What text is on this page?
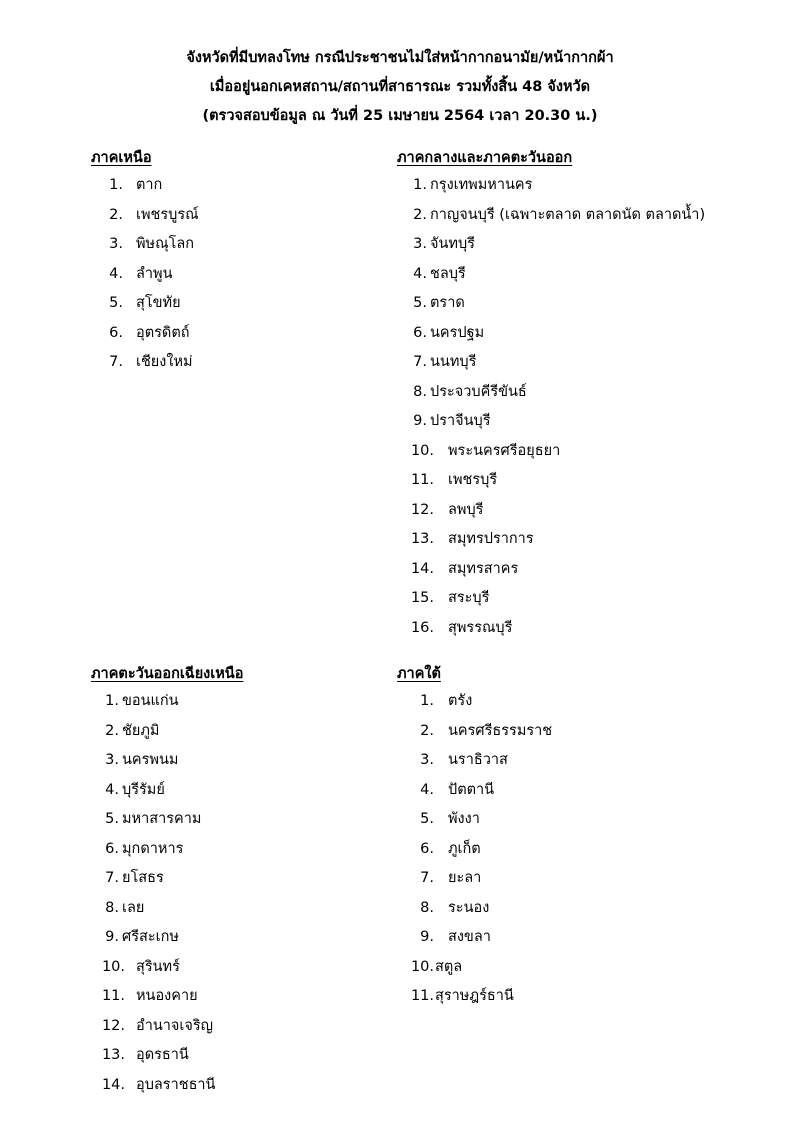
จังหวัดที่มีบทลงโทษ กรณีประชาชนไม่ใส่หน้ากากอนามัย/หน้ากากผ้า
เมื่ออยู่นอกเคหสถาน/สถานที่สาธารณะ รวมทั้งสิ้น 48 จังหวัด
(ตรวจสอบข้อมูล ณ วันที่ 25 เมษายน 2564 เวลา 20.30 น.)
ภาคเหนือ
1. ตาก
2. เพชรบูรณ์
3. พิษณุโลก
4. ลำพูน
5. สุโขทัย
6. อุตรดิตถ์
7. เชียงใหม่
ภาคกลางและภาคตะวันออก
1. กรุงเทพมหานคร
2. กาญจนบุรี (เฉพาะตลาด ตลาดนัด ตลาดน้ำ)
3. จันทบุรี
4. ชลบุรี
5. ตราด
6. นครปฐม
7. นนทบุรี
8. ประจวบคีรีขันธ์
9. ปราจีนบุรี
10. พระนครศรีอยุธยา
11. เพชรบุรี
12. ลพบุรี
13. สมุทรปราการ
14. สมุทรสาคร
15. สระบุรี
16. สุพรรณบุรี
ภาคตะวันออกเฉียงเหนือ
1. ขอนแก่น
2. ชัยภูมิ
3. นครพนม
4. บุรีรัมย์
5. มหาสารคาม
6. มุกดาหาร
7. ยโสธร
8. เลย
9. ศรีสะเกษ
10. สุรินทร์
11. หนองคาย
12. อำนาจเจริญ
13. อุดรธานี
14. อุบลราชธานี
ภาคใต้
1. ตรัง
2. นครศรีธรรมราช
3. นราธิวาส
4. ปัตตานี
5. พังงา
6. ภูเก็ต
7. ยะลา
8. ระนอง
9. สงขลา
10. สตูล
11. สุราษฎร์ธานี
